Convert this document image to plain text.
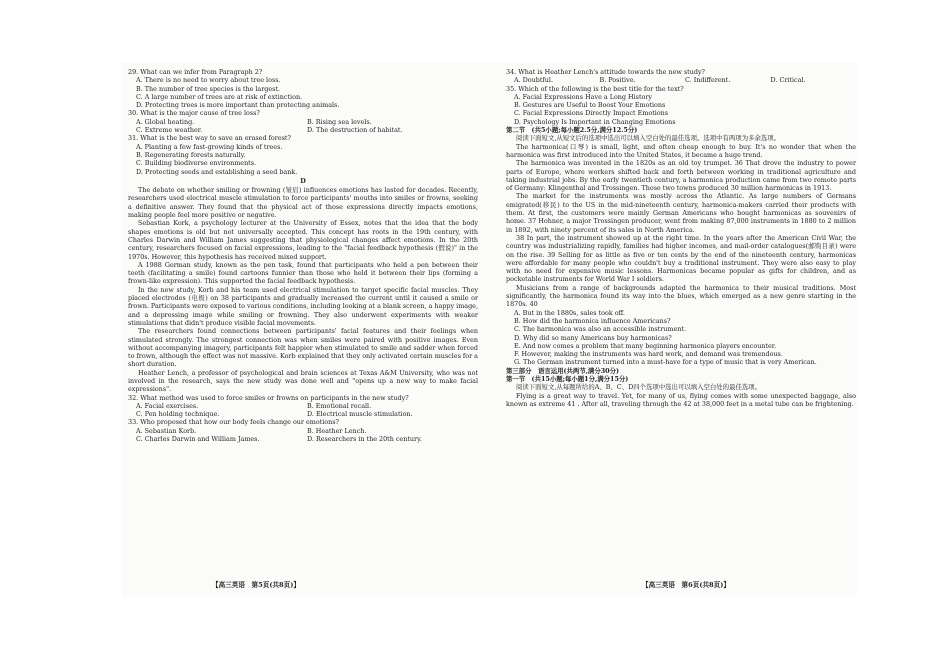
29. What can we infer from Paragraph 2?

A. There is no need to worry about tree loss.

B. The number of tree species is the largest.

C. A large number of trees are at risk of extinction.

D. Protecting trees is more important than protecting animals.

30. What is the major cause of tree loss?

A. Global heating.	B. Rising sea levels.
C. Extreme weather.	D. The destruction of habitat.

31. What is the best way to save an erased forest?

A. Planting a few fast-growing kinds of trees.

B. Regenerating forests naturally.

C. Building biodiverse environments.

D. Protecting seeds and establishing a seed bank.

D

The debate on whether smiling or frowning (皱眉) influences emotions has lasted for decades. Recently, researchers used electrical muscle stimulation to force participants' mouths into smiles or frowns, seeking a definitive answer. They found that the physical act of those expressions directly impacts emotions, making people feel more positive or negative.

Sebastian Kork, a psychology lecturer at the University of Essex, notes that the idea that the body shapes emotions is old but not universally accepted. This concept has roots in the 19th century, with Charles Darwin and William James suggesting that physiological changes affect emotions. In the 20th century, researchers focused on facial expressions, leading to the "facial feedback hypothesis (假说)" in the 1970s. However, this hypothesis has received mixed support.

A 1988 German study, known as the pen task, found that participants who held a pen between their teeth (facilitating a smile) found cartoons funnier than those who held it between their lips (forming a frown-like expression). This supported the facial feedback hypothesis.

In the new study, Korb and his team used electrical stimulation to target specific facial muscles. They placed electrodes (电极) on 38 participants and gradually increased the current until it caused a smile or frown. Participants were exposed to various conditions, including looking at a blank screen, a happy image, and a depressing image while smiling or frowning. They also underwent experiments with weaker stimulations that didn't produce visible facial movements.

The researchers found connections between participants' facial features and their feelings when stimulated strongly. The strongest connection was when smiles were paired with positive images. Even without accompanying imagery, participants felt happier when stimulated to smile and sadder when forced to frown, although the effect was not massive. Korb explained that they only activated certain muscles for a short duration.

Heather Lench, a professor of psychological and brain sciences at Texas A&M University, who was not involved in the research, says the new study was done well and "opens up a new way to make facial expressions".

32. What method was used to force smiles or frowns on participants in the new study?

A. Facial exercises.	B. Emotional recall.
C. Pen holding technique.	D. Electrical muscle stimulation.

33. Who proposed that how our body feels change our emotions?

A. Sebastian Korb.	B. Heather Lench.
C. Charles Darwin and William James.	D. Researchers in the 20th century.

34. What is Heather Lench's attitude towards the new study?

A. Doubtful.	B. Positive.	C. Indifferent.	D. Critical.

35. Which of the following is the best title for the text?

A. Facial Expressions Have a Long History

B. Gestures are Useful to Boost Your Emotions

C. Facial Expressions Directly Impact Emotions

D. Psychology Is Important in Changing Emotions

第二节　(共5小题;每小题2.5分,满分12.5分)

阅读下面短文,从短文后的选项中选出可以填入空白处的最佳选项。选项中有两项为多余选项。

The harmonica(口琴) is small, light, and often cheap enough to buy. It's no wonder that when the harmonica was first introduced into the United States, it became a huge trend.

The harmonica was invented in the 1820s as an old toy trumpet. 36 That drove the industry to power parts of Europe, where workers shifted back and forth between working in traditional agriculture and taking industrial jobs. By the early twentieth century, a harmonica production came from two remote parts of Germany: Klingenthal and Trossingen. Those two towns produced 30 million harmonicas in 1913.

The market for the instruments was mostly across the Atlantic. As large numbers of Germans emigrated(移民) to the US in the mid-nineteenth century, harmonica-makers carried their products with them. At first, the customers were mainly German Americans who bought harmonicas as souvenirs of home. 37 Hohner, a major Trossingen producer, went from making 87,000 instruments in 1880 to 2 million in 1892, with ninety percent of its sales in North America.

38 In part, the instrument showed up at the right time. In the years after the American Civil War, the country was industrializing rapidly, families had higher incomes, and mail-order catalogues(邮购目录) were on the rise. 39 Selling for as little as five or ten cents by the end of the nineteenth century, harmonicas were affordable for many people who couldn't buy a traditional instrument. They were also easy to play with no need for expensive music lessons. Harmonicas became popular as gifts for children, and as pocketable instruments for World War I soldiers.

Musicians from a range of backgrounds adapted the harmonica to their musical traditions. Most significantly, the harmonica found its way into the blues, which emerged as a new genre starting in the 1870s. 40

A. But in the 1880s, sales took off.

B. How did the harmonica influence Americans?

C. The harmonica was also an accessible instrument.

D. Why did so many Americans buy harmonicas?

E. And now comes a problem that many beginning harmonica players encounter.

F. However, making the instruments was hard work, and demand was tremendous.

G. The German instrument turned into a must-have for a type of music that is very American.

第三部分　语言运用(共两节,满分30分)

第一节　(共15小题;每小题1分,满分15分)

阅读下面短文,从每题所给的A、B、C、D四个选项中选出可以填入空白处的最佳选项。

Flying is a great way to travel. Yet, for many of us, flying comes with some unexpected baggage, also known as extreme 41 . After all, traveling through the 42 at 38,000 feet in a metal tube can be frightening.

【高三英语　第5页(共8页)】	【高三英语　第6页(共8页)】
